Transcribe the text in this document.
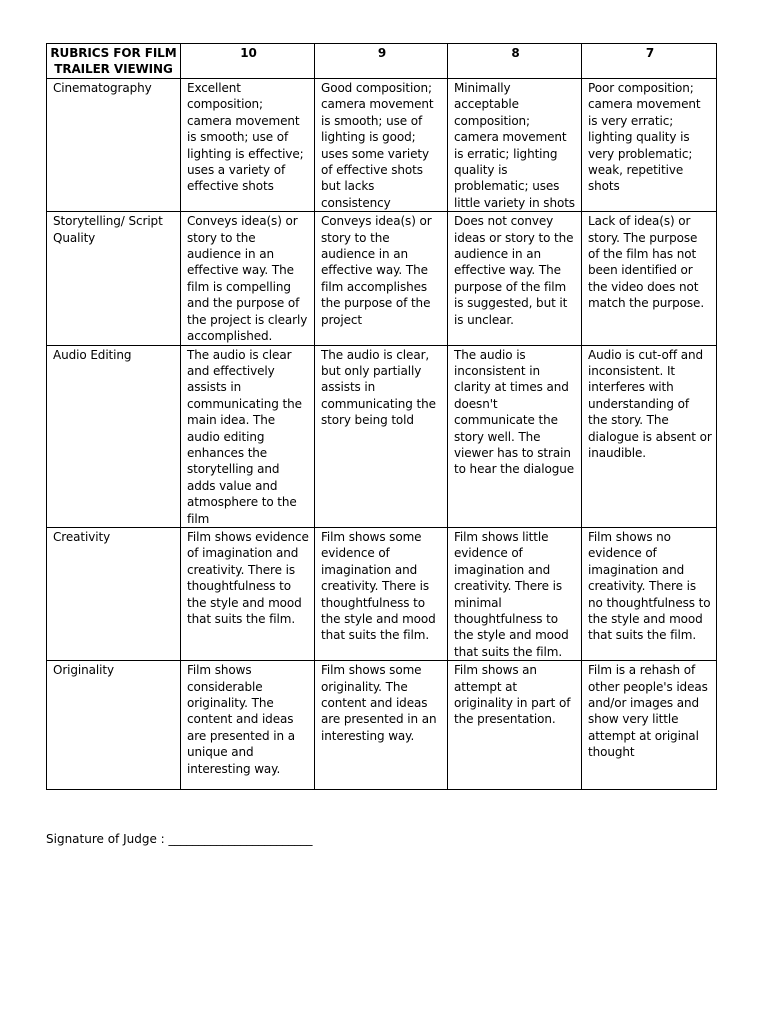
RUBRICS FOR FILM TRAILER VIEWING	10	9	8	7
Cinematography	Excellent composition; camera movement is smooth; use of lighting is effective; uses a variety of effective shots	Good composition; camera movement is smooth; use of lighting is good; uses some variety of effective shots but lacks consistency	Minimally acceptable composition; camera movement is erratic; lighting quality is problematic; uses little variety in shots	Poor composition; camera movement is very erratic; lighting quality is very problematic; weak, repetitive shots
Storytelling/ Script Quality	Conveys idea(s) or story to the audience in an effective way. The film is compelling and the purpose of the project is clearly accomplished.	Conveys idea(s) or story to the audience in an effective way. The film accomplishes the purpose of the project	Does not convey ideas or story to the audience in an effective way. The purpose of the film is suggested, but it is unclear.	Lack of idea(s) or story. The purpose of the film has not been identified or the video does not match the purpose.
Audio Editing	The audio is clear and effectively assists in communicating the main idea. The audio editing enhances the storytelling and adds value and atmosphere to the film	The audio is clear, but only partially assists in communicating the story being told	The audio is inconsistent in clarity at times and doesn't communicate the story well. The viewer has to strain to hear the dialogue	Audio is cut-off and inconsistent. It interferes with understanding of the story. The dialogue is absent or inaudible.
Creativity	Film shows evidence of imagination and creativity. There is thoughtfulness to the style and mood that suits the film.	Film shows some evidence of imagination and creativity. There is thoughtfulness to the style and mood that suits the film.	Film shows little evidence of imagination and creativity. There is minimal thoughtfulness to the style and mood that suits the film.	Film shows no evidence of imagination and creativity. There is no thoughtfulness to the style and mood that suits the film.
Originality	Film shows considerable originality. The content and ideas are presented in a unique and interesting way.	Film shows some originality. The content and ideas are presented in an interesting way.	Film shows an attempt at originality in part of the presentation.	Film is a rehash of other people's ideas and/or images and show very little attempt at original thought
Signature of Judge : ________________________
